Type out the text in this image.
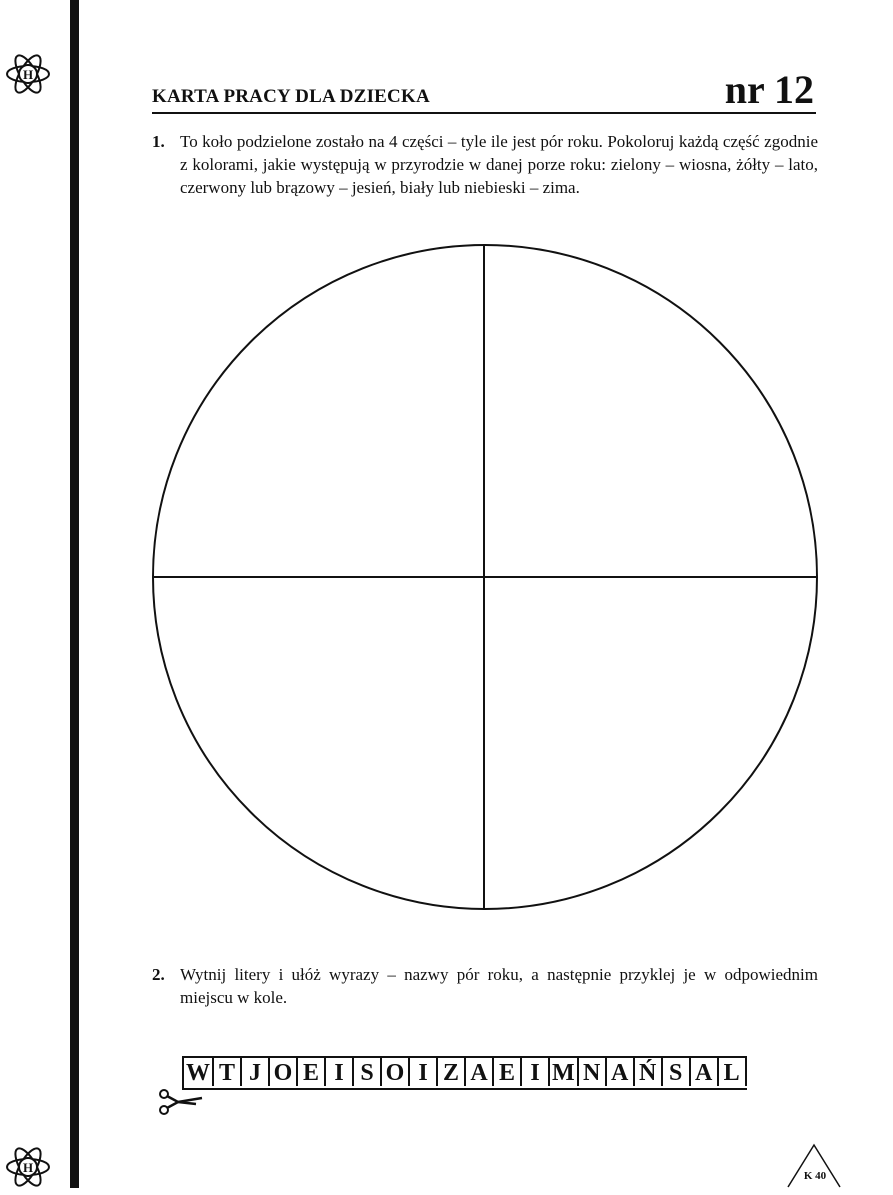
H
H
KARTA PRACY DLA DZIECKA	nr 12
1. To koło podzielone zostało na 4 części – tyle ile jest pór roku. Pokoloruj każdą część zgodnie z kolorami, jakie występują w przyrodzie w danej porze roku: zielony – wiosna, żółty – lato, czerwony lub brązowy – jesień, biały lub niebieski – zima.
2. Wytnij litery i ułóż wyrazy – nazwy pór roku, a następnie przyklej je w odpowiednim miejscu w kole.
W T J O E I S O I Z A E I M N A Ń S A L
K 40
